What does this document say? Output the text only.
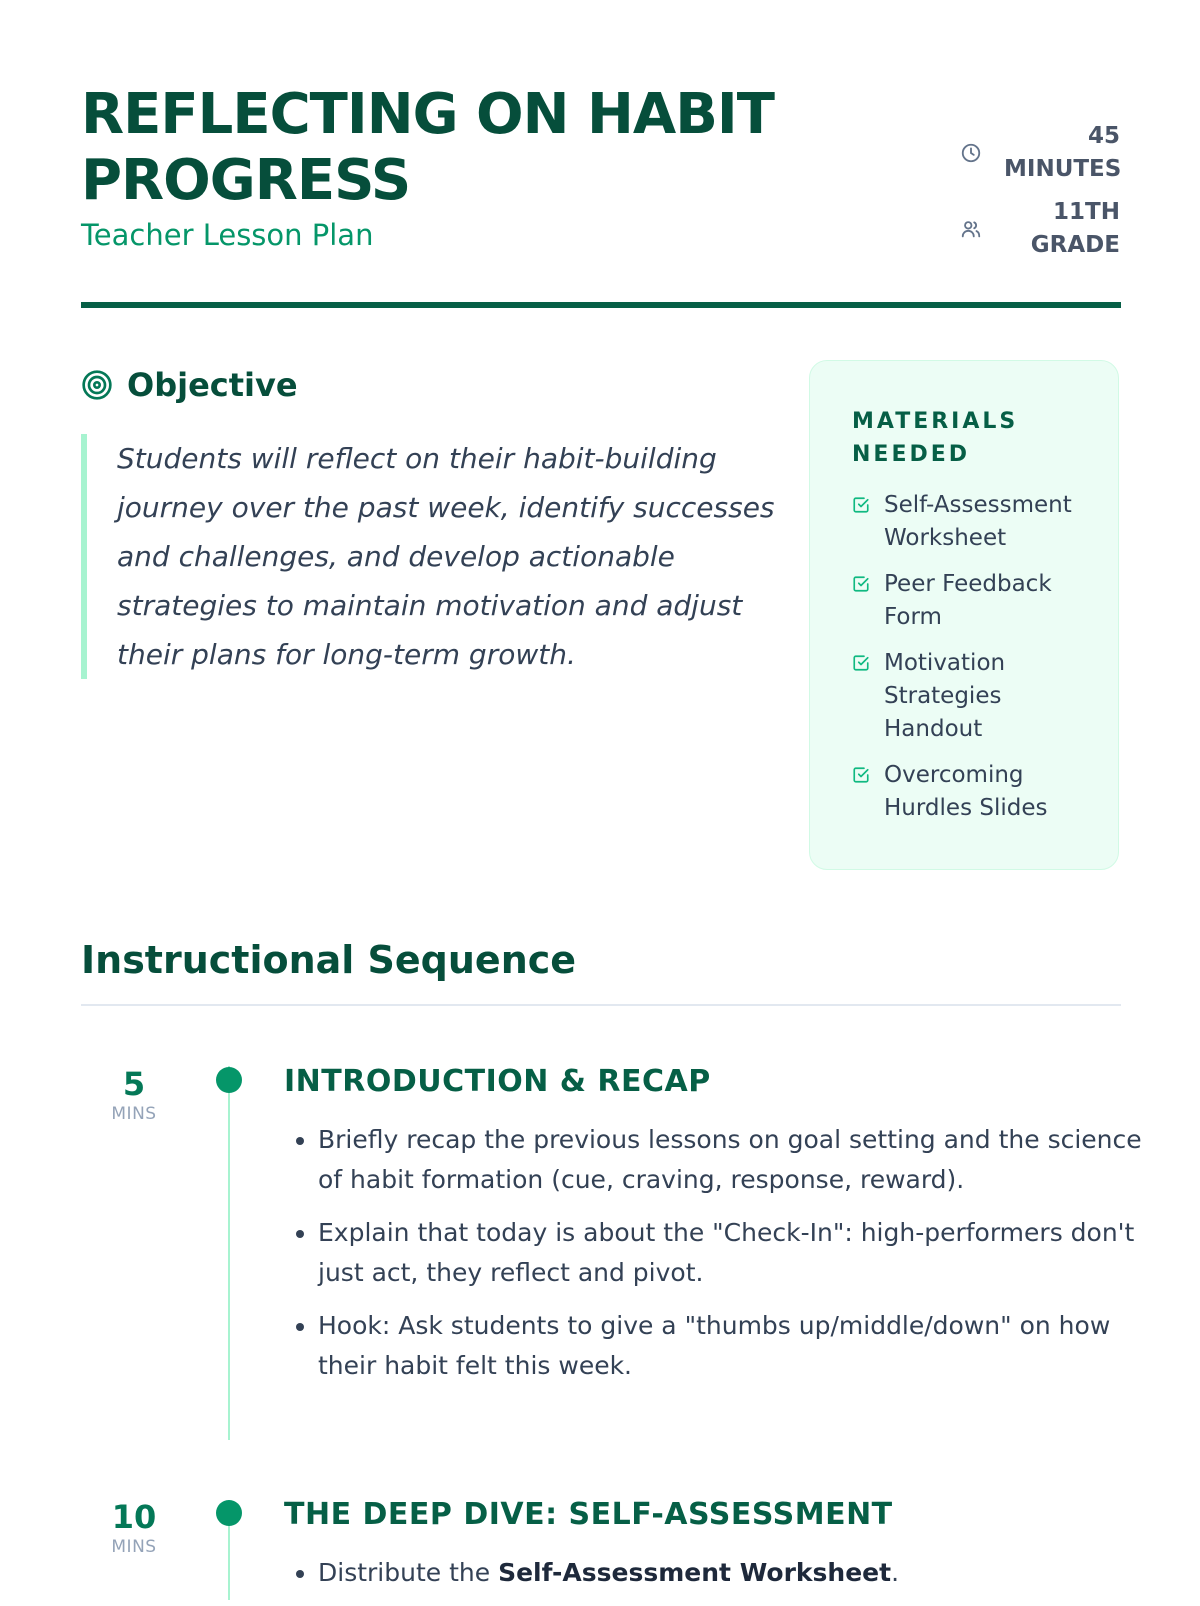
REFLECTING ON HABIT PROGRESS
Teacher Lesson Plan
45 MINUTES
11TH GRADE
Objective
Students will reflect on their habit-building journey over the past week, identify successes and challenges, and develop actionable strategies to maintain motivation and adjust their plans for long-term growth.
MATERIALS NEEDED
Self-Assessment Worksheet
Peer Feedback Form
Motivation Strategies Handout
Overcoming Hurdles Slides
Instructional Sequence
5
MINS
INTRODUCTION & RECAP
• Briefly recap the previous lessons on goal setting and the science of habit formation (cue, craving, response, reward).
• Explain that today is about the "Check-In": high-performers don't just act, they reflect and pivot.
• Hook: Ask students to give a "thumbs up/middle/down" on how their habit felt this week.
10
MINS
THE DEEP DIVE: SELF-ASSESSMENT
• Distribute the Self-Assessment Worksheet.
